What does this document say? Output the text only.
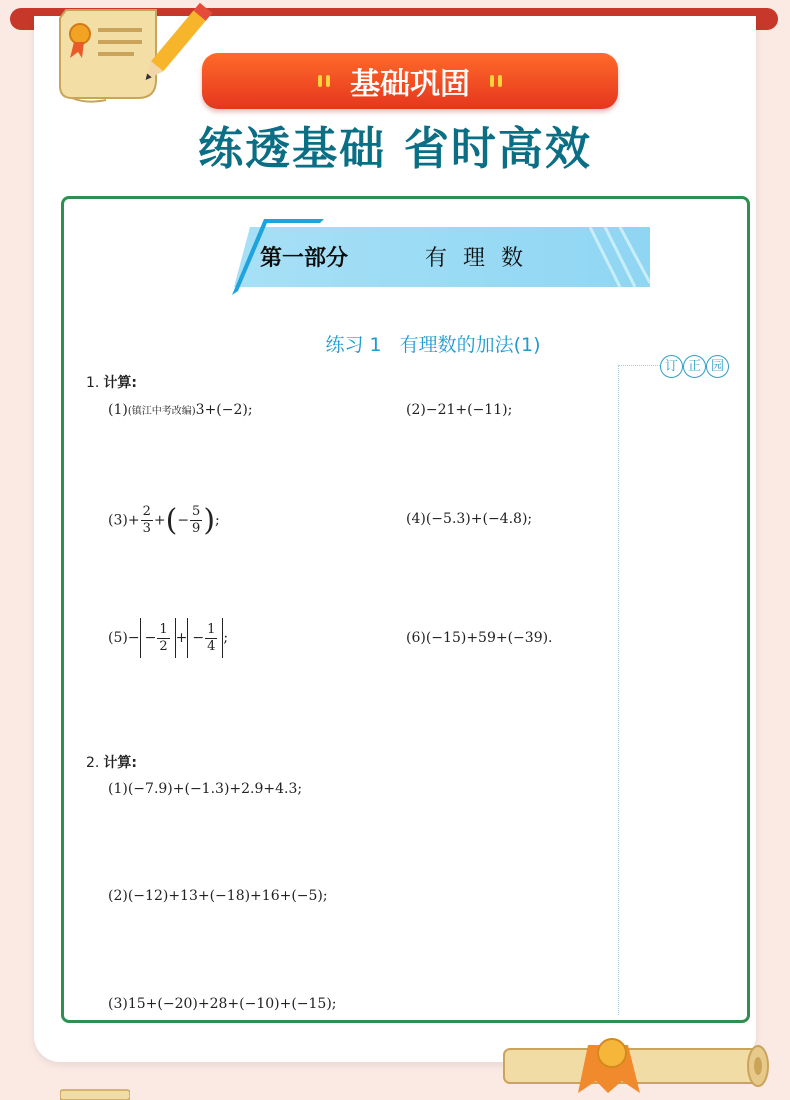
基础巩固
练透基础 省时高效
第一部分	有理数
练习 1 有理数的加法(1)
订 正 园
1. 计算:
(1)(镇江中考改编)3+(−2);	(2)−21+(−11);
$(3)+ \frac{2}{3}$ +(− $\frac{5}{9}$ );	(4)(−5.3)+(−4.8);
$(5)- - \frac{1}{2}$ + − $\frac{1}{4}$ ;	(6)(−15)+59+(−39).
2. 计算:
(1)(−7.9)+(−1.3)+2.9+4.3;
(2)(−12)+13+(−18)+16+(−5);
(3)15+(−20)+28+(−10)+(−15);
